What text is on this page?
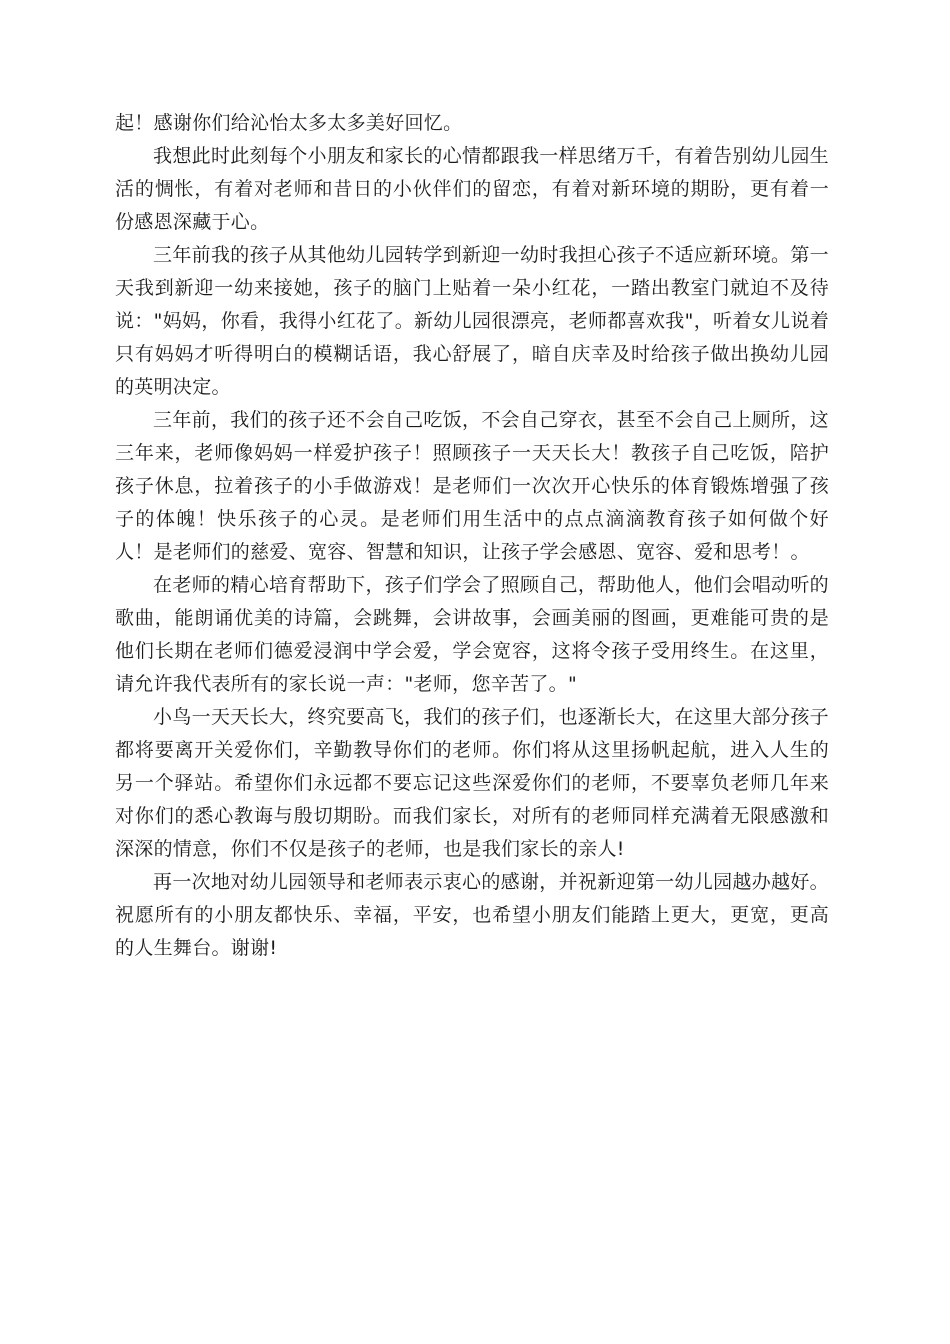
起！感谢你们给沁怡太多太多美好回忆。

我想此时此刻每个小朋友和家长的心情都跟我一样思绪万千，有着告别幼儿园生活的惆怅，有着对老师和昔日的小伙伴们的留恋，有着对新环境的期盼，更有着一份感恩深藏于心。

三年前我的孩子从其他幼儿园转学到新迎一幼时我担心孩子不适应新环境。第一天我到新迎一幼来接她，孩子的脑门上贴着一朵小红花，一踏出教室门就迫不及待说："妈妈，你看，我得小红花了。新幼儿园很漂亮，老师都喜欢我"，听着女儿说着只有妈妈才听得明白的模糊话语，我心舒展了，暗自庆幸及时给孩子做出换幼儿园的英明决定。

三年前，我们的孩子还不会自己吃饭，不会自己穿衣，甚至不会自己上厕所，这三年来，老师像妈妈一样爱护孩子！照顾孩子一天天长大！教孩子自己吃饭，陪护孩子休息，拉着孩子的小手做游戏！是老师们一次次开心快乐的体育锻炼增强了孩子的体魄！快乐孩子的心灵。是老师们用生活中的点点滴滴教育孩子如何做个好人！是老师们的慈爱、宽容、智慧和知识，让孩子学会感恩、宽容、爱和思考！。

在老师的精心培育帮助下，孩子们学会了照顾自己，帮助他人，他们会唱动听的歌曲，能朗诵优美的诗篇，会跳舞，会讲故事，会画美丽的图画，更难能可贵的是他们长期在老师们德爱浸润中学会爱，学会宽容，这将令孩子受用终生。在这里，请允许我代表所有的家长说一声："老师，您辛苦了。"

小鸟一天天长大，终究要高飞，我们的孩子们，也逐渐长大，在这里大部分孩子都将要离开关爱你们，辛勤教导你们的老师。你们将从这里扬帆起航，进入人生的另一个驿站。希望你们永远都不要忘记这些深爱你们的老师，不要辜负老师几年来对你们的悉心教诲与殷切期盼。而我们家长，对所有的老师同样充满着无限感激和深深的情意，你们不仅是孩子的老师，也是我们家长的亲人!

再一次地对幼儿园领导和老师表示衷心的感谢，并祝新迎第一幼儿园越办越好。祝愿所有的小朋友都快乐、幸福，平安，也希望小朋友们能踏上更大，更宽，更高的人生舞台。谢谢!
